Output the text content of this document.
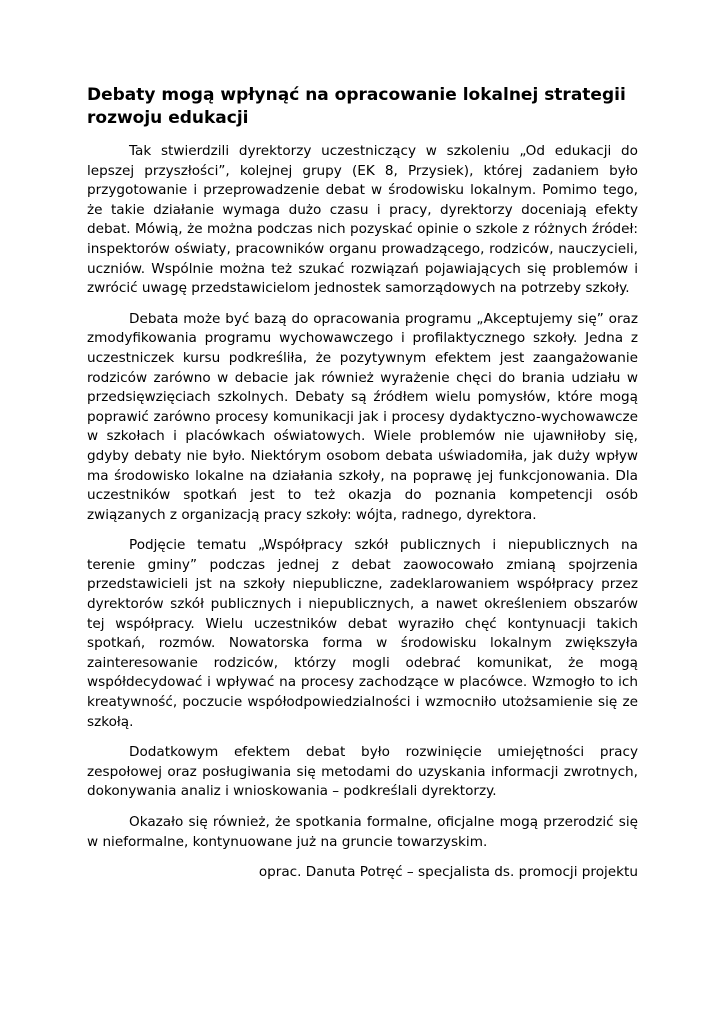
Debaty mogą wpłynąć na opracowanie lokalnej strategii rozwoju edukacji

Tak stwierdzili dyrektorzy uczestniczący w szkoleniu „Od edukacji do lepszej przyszłości”, kolejnej grupy (EK 8, Przysiek), której zadaniem było przygotowanie i przeprowadzenie debat w środowisku lokalnym. Pomimo tego, że takie działanie wymaga dużo czasu i pracy, dyrektorzy doceniają efekty debat. Mówią, że można podczas nich pozyskać opinie o szkole z różnych źródeł: inspektorów oświaty, pracowników organu prowadzącego, rodziców, nauczycieli, uczniów. Wspólnie można też szukać rozwiązań pojawiających się problemów i zwrócić uwagę przedstawicielom jednostek samorządowych na potrzeby szkoły.

Debata może być bazą do opracowania programu „Akceptujemy się” oraz zmodyfikowania programu wychowawczego i profilaktycznego szkoły. Jedna z uczestniczek kursu podkreśliła, że pozytywnym efektem jest zaangażowanie rodziców zarówno w debacie jak również wyrażenie chęci do brania udziału w przedsięwzięciach szkolnych. Debaty są źródłem wielu pomysłów, które mogą poprawić zarówno procesy komunikacji jak i procesy dydaktyczno-wychowawcze w szkołach i placówkach oświatowych. Wiele problemów nie ujawniłoby się, gdyby debaty nie było. Niektórym osobom debata uświadomiła, jak duży wpływ ma środowisko lokalne na działania szkoły, na poprawę jej funkcjonowania. Dla uczestników spotkań jest to też okazja do poznania kompetencji osób związanych z organizacją pracy szkoły: wójta, radnego, dyrektora.

Podjęcie tematu „Współpracy szkół publicznych i niepublicznych na terenie gminy” podczas jednej z debat zaowocowało zmianą spojrzenia przedstawicieli jst na szkoły niepubliczne, zadeklarowaniem współpracy przez dyrektorów szkół publicznych i niepublicznych, a nawet określeniem obszarów tej współpracy. Wielu uczestników debat wyraziło chęć kontynuacji takich spotkań, rozmów. Nowatorska forma w środowisku lokalnym zwiększyła zainteresowanie rodziców, którzy mogli odebrać komunikat, że mogą współdecydować i wpływać na procesy zachodzące w placówce. Wzmogło to ich kreatywność, poczucie współodpowiedzialności i wzmocniło utożsamienie się ze szkołą.

Dodatkowym efektem debat było rozwinięcie umiejętności pracy zespołowej oraz posługiwania się metodami do uzyskania informacji zwrotnych, dokonywania analiz i wnioskowania – podkreślali dyrektorzy.

Okazało się również, że spotkania formalne, oficjalne mogą przerodzić się w nieformalne, kontynuowane już na gruncie towarzyskim.

oprac. Danuta Potręć – specjalista ds. promocji projektu
